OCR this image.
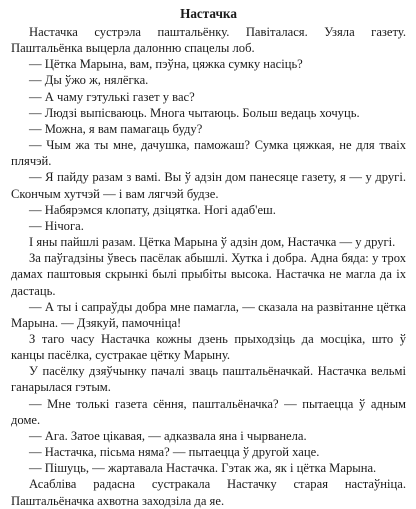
Настачка

Настачка сустрэла паштальёнку. Павіталася. Узяла газету. Паштальёнка выцерла далонню спацелы лоб.

— Цётка Марына, вам, пэўна, цяжка сумку насіць?

— Ды ўжо ж, нялёгка.

— А чаму гэтулькі газет у вас?

— Людзі выпісваюць. Многа чытаюць. Больш ведаць хочуць.

— Можна, я вам памагаць буду?

— Чым жа ты мне, дачушка, паможаш? Сумка цяжкая, не для тваіх плячэй.

— Я пайду разам з вамі. Вы ў адзін дом панесяце газету, я — у другі. Скончым хутчэй — і вам лягчэй будзе.

— Набярэмся клопату, дзіцятка. Ногі адаб'еш.

— Нічога.

І яны пайшлі разам. Цётка Марына ў адзін дом, Настачка — у другі.

За паўгадзіны ўвесь пасёлак абышлі. Хутка і добра. Адна бяда: у трох дамах паштовыя скрынкі былі прыбіты высока. Настачка не магла да іх дастаць.

— А ты і сапраўды добра мне памагла, — сказала на развітанне цётка Марына. — Дзякуй, памочніца!

З таго часу Настачка кожны дзень прыходзіць да мосціка, што ў канцы пасёлка, сустракае цётку Марыну.

У пасёлку дзяўчынку пачалі зваць паштальёначкай. Настачка вельмі ганарылася гэтым.

— Мне толькі газета сёння, паштальёначка? — пытаецца ў адным доме.

— Ага. Затое цікавая, — адказвала яна і чырванела.

— Настачка, пісьма няма? — пытаецца ў другой хаце.

— Пішуць, — жартавала Настачка. Гэтак жа, як і цётка Марына.

Асабліва радасна сустракала Настачку старая настаўніца. Паштальёначка ахвотна заходзіла да яе.
